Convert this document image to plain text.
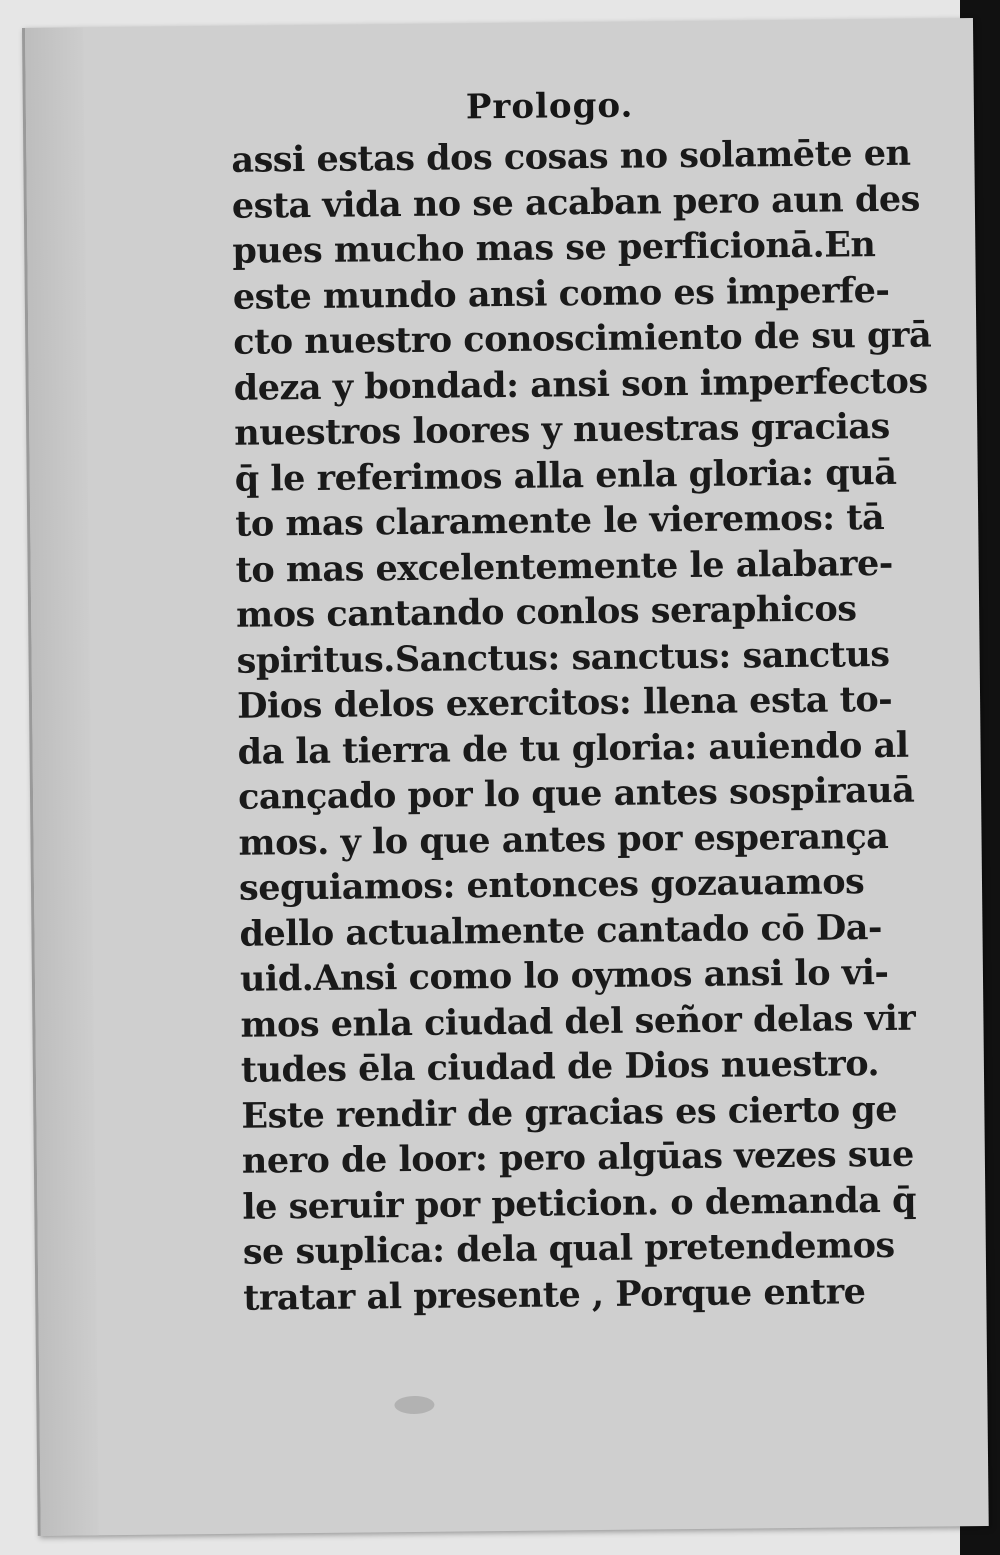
Prologo.
assi estas dos cosas no solamēte en
esta vida no se acaban pero aun des
pues mucho mas se perficionā.En
este mundo ansi como es imperfe-
cto nuestro conoscimiento de su grā
deza y bondad: ansi son imperfectos
nuestros loores y nuestras gracias
q̄ le referimos alla enla gloria: quā
to mas claramente le vieremos: tā
to mas excelentemente le alabare-
mos cantando conlos seraphicos
spiritus.Sanctus: sanctus: sanctus
Dios delos exercitos: llena esta to-
da la tierra de tu gloria: auiendo al
cançado por lo que antes sospirauā
mos. y lo que antes por esperança
seguiamos: entonces gozauamos
dello actualmente cantado cō Da-
uid.Ansi como lo oymos ansi lo vi-
mos enla ciudad del señor delas vir
tudes ēla ciudad de Dios nuestro.
Este rendir de gracias es cierto ge
nero de loor: pero algūas vezes sue
le seruir por peticion. o demanda q̄
se suplica: dela qual pretendemos
tratar al presente , Porque entre
